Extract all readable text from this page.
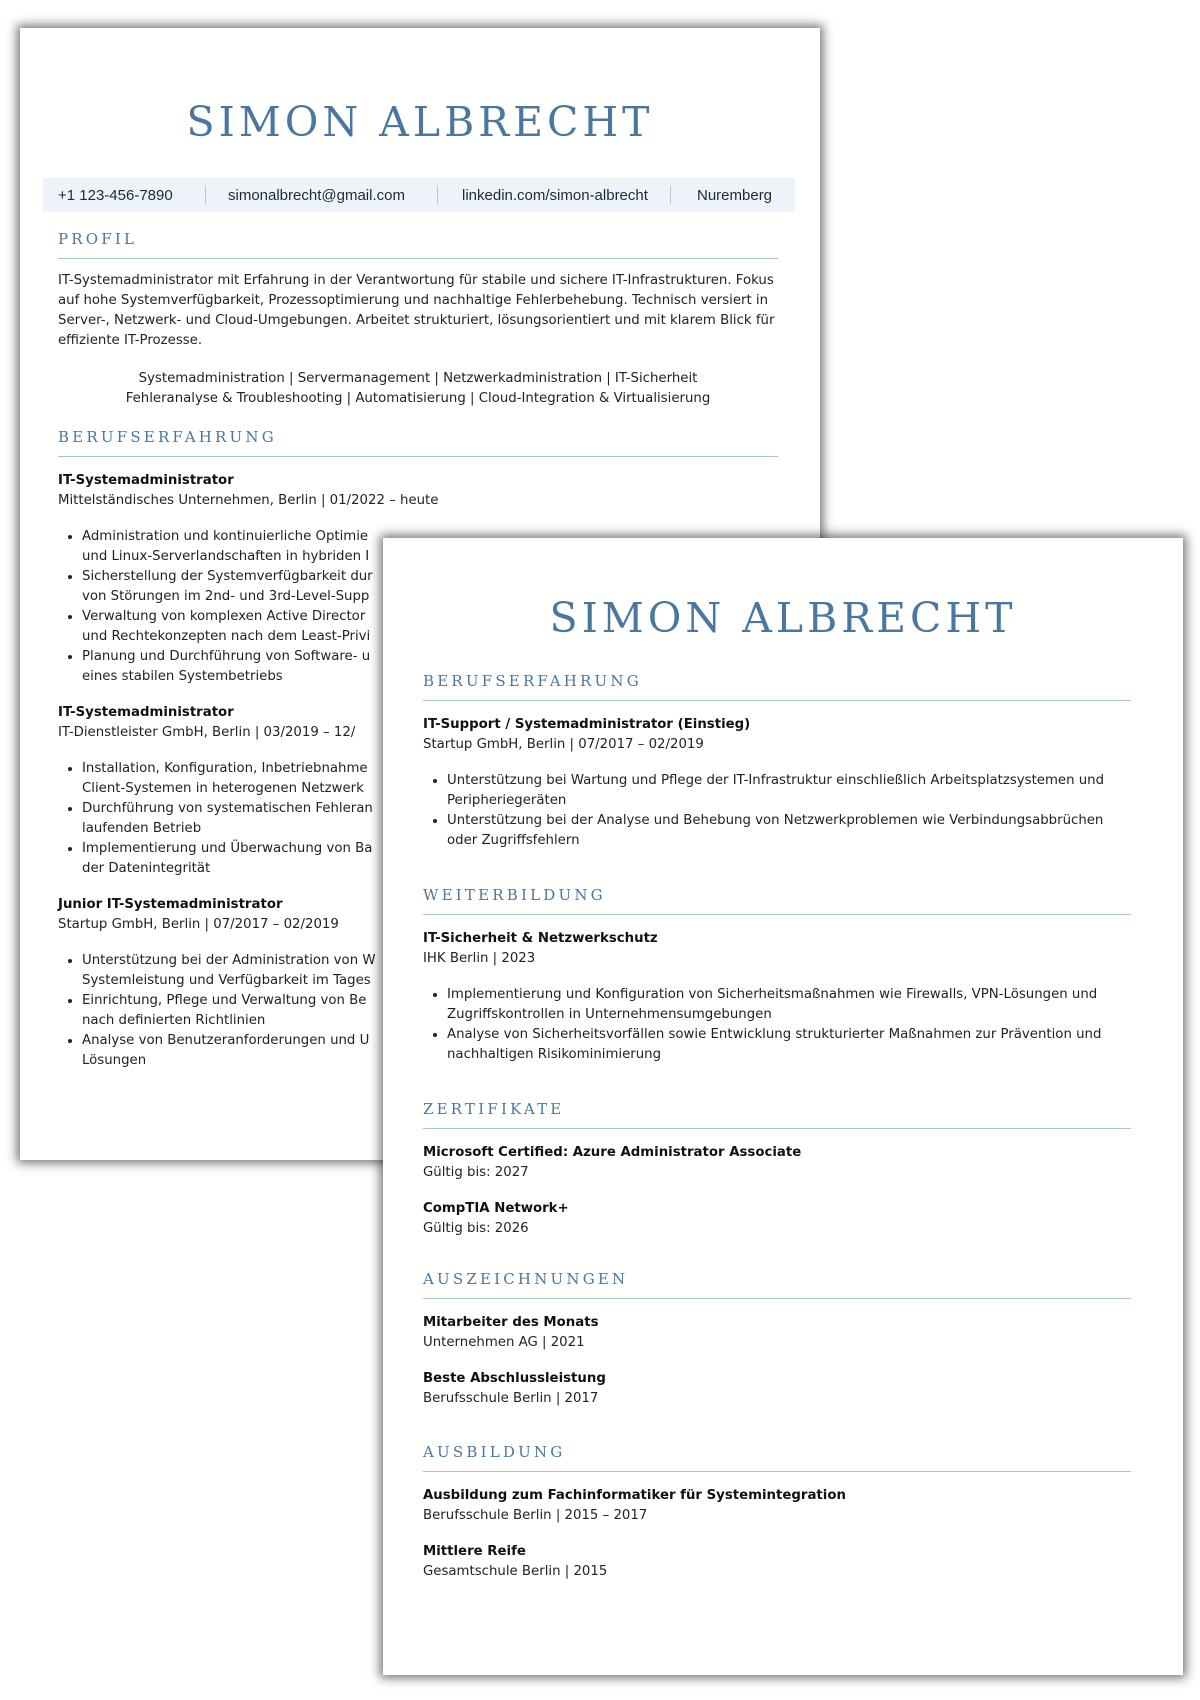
SIMON ALBRECHT
+1 123-456-7890	simonalbrecht@gmail.com	linkedin.com/simon-albrecht	Nuremberg
PROFIL

IT-Systemadministrator mit Erfahrung in der Verantwortung für stabile und sichere IT-Infrastrukturen. Fokus auf hohe Systemverfügbarkeit, Prozessoptimierung und nachhaltige Fehlerbehebung. Technisch versiert in Server-, Netzwerk- und Cloud-Umgebungen. Arbeitet strukturiert, lösungsorientiert und mit klarem Blick für effiziente IT-Prozesse.

Systemadministration | Servermanagement | Netzwerkadministration | IT-Sicherheit
Fehleranalyse & Troubleshooting | Automatisierung | Cloud-Integration & Virtualisierung
BERUFSERFAHRUNG
IT-Systemadministrator
Mittelständisches Unternehmen, Berlin | 01/2022 – heute
• Administration und kontinuierliche Optimie
und Linux-Serverlandschaften in hybriden I
• Sicherstellung der Systemverfügbarkeit dur
von Störungen im 2nd- und 3rd-Level-Supp
• Verwaltung von komplexen Active Director
und Rechtekonzepten nach dem Least-Privi
• Planung und Durchführung von Software- u
eines stabilen Systembetriebs
IT-Systemadministrator
IT-Dienstleister GmbH, Berlin | 03/2019 – 12/
• Installation, Konfiguration, Inbetriebnahme
Client-Systemen in heterogenen Netzwerk
• Durchführung von systematischen Fehleran
laufenden Betrieb
• Implementierung und Überwachung von Ba
der Datenintegrität
Junior IT-Systemadministrator
Startup GmbH, Berlin | 07/2017 – 02/2019
• Unterstützung bei der Administration von W
Systemleistung und Verfügbarkeit im Tages
• Einrichtung, Pflege und Verwaltung von Be
nach definierten Richtlinien
• Analyse von Benutzeranforderungen und U
Lösungen
SIMON ALBRECHT
BERUFSERFAHRUNG
IT-Support / Systemadministrator (Einstieg)
Startup GmbH, Berlin | 07/2017 – 02/2019
• Unterstützung bei Wartung und Pflege der IT-Infrastruktur einschließlich Arbeitsplatzsystemen und Peripheriegeräten
• Unterstützung bei der Analyse und Behebung von Netzwerkproblemen wie Verbindungsabbrüchen oder Zugriffsfehlern
WEITERBILDUNG
IT-Sicherheit & Netzwerkschutz
IHK Berlin | 2023
• Implementierung und Konfiguration von Sicherheitsmaßnahmen wie Firewalls, VPN-Lösungen und Zugriffskontrollen in Unternehmensumgebungen
• Analyse von Sicherheitsvorfällen sowie Entwicklung strukturierter Maßnahmen zur Prävention und nachhaltigen Risikominimierung
ZERTIFIKATE
Microsoft Certified: Azure Administrator Associate
Gültig bis: 2027
CompTIA Network+
Gültig bis: 2026
AUSZEICHNUNGEN
Mitarbeiter des Monats
Unternehmen AG | 2021
Beste Abschlussleistung
Berufsschule Berlin | 2017
AUSBILDUNG
Ausbildung zum Fachinformatiker für Systemintegration
Berufsschule Berlin | 2015 – 2017
Mittlere Reife
Gesamtschule Berlin | 2015
